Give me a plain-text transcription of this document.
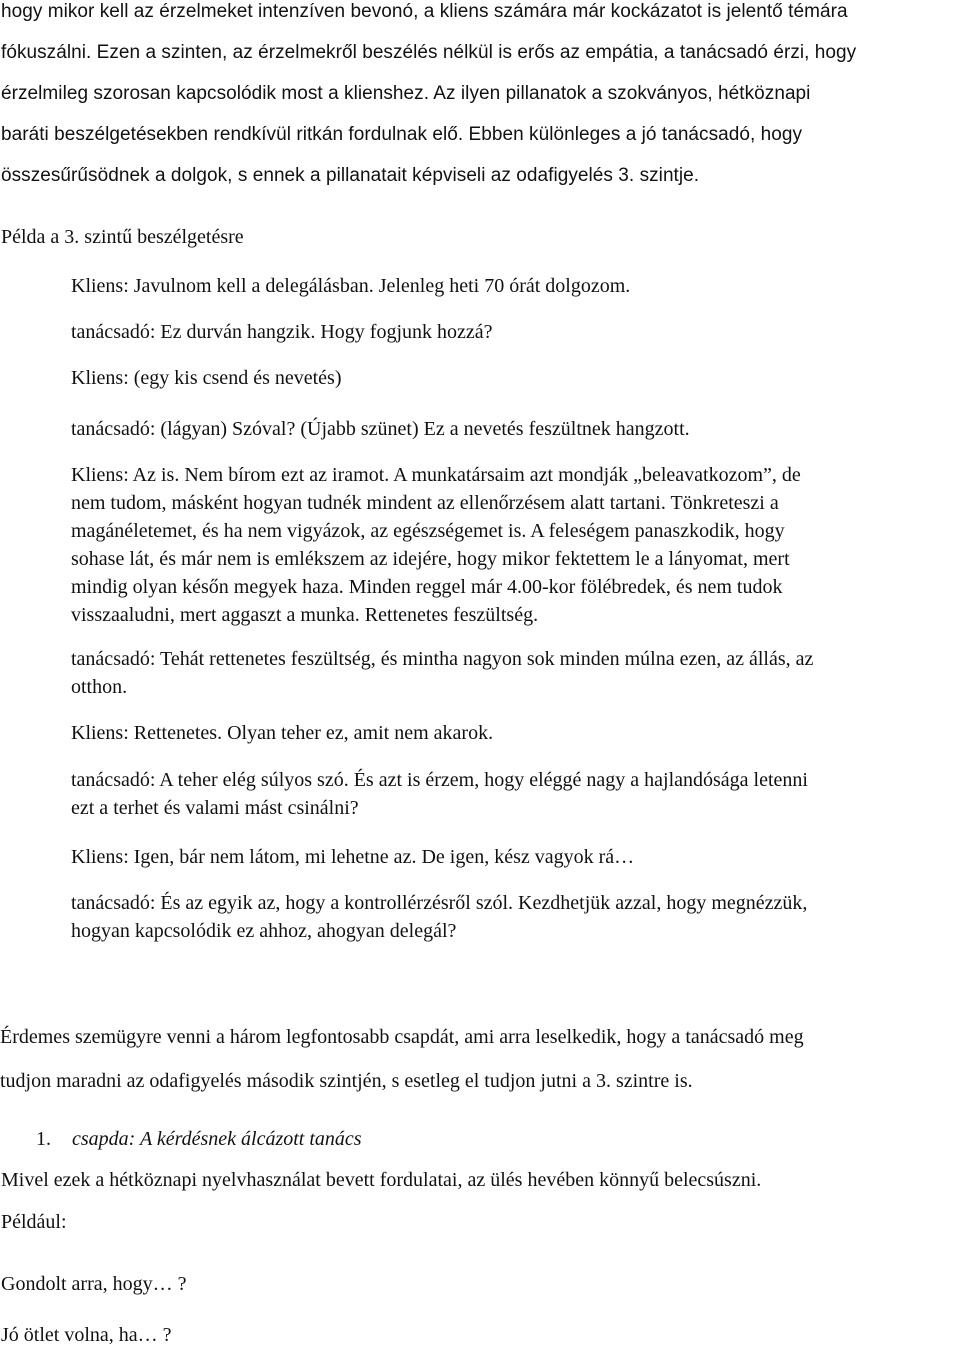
hogy mikor kell az érzelmeket intenzíven bevonó, a kliens számára már kockázatot is jelentő témára
fókuszálni. Ezen a szinten, az érzelmekről beszélés nélkül is erős az empátia, a tanácsadó érzi, hogy
érzelmileg szorosan kapcsolódik most a klienshez. Az ilyen pillanatok a szokványos, hétköznapi
baráti beszélgetésekben rendkívül ritkán fordulnak elő. Ebben különleges a jó tanácsadó, hogy
összesűrűsödnek a dolgok, s ennek a pillanatait képviseli az odafigyelés 3. szintje.
Példa a 3. szintű beszélgetésre

Kliens: Javulnom kell a delegálásban. Jelenleg heti 70 órát dolgozom.

tanácsadó: Ez durván hangzik. Hogy fogjunk hozzá?

Kliens: (egy kis csend és nevetés)

tanácsadó: (lágyan) Szóval? (Újabb szünet) Ez a nevetés feszültnek hangzott.

Kliens: Az is. Nem bírom ezt az iramot. A munkatársaim azt mondják „beleavatkozom”, de

nem tudom, másként hogyan tudnék mindent az ellenőrzésem alatt tartani. Tönkreteszi a

magánéletemet, és ha nem vigyázok, az egészségemet is. A feleségem panaszkodik, hogy

sohase lát, és már nem is emlékszem az idejére, hogy mikor fektettem le a lányomat, mert

mindig olyan későn megyek haza. Minden reggel már 4.00-kor fölébredek, és nem tudok

visszaaludni, mert aggaszt a munka. Rettenetes feszültség.

tanácsadó: Tehát rettenetes feszültség, és mintha nagyon sok minden múlna ezen, az állás, az

otthon.

Kliens: Rettenetes. Olyan teher ez, amit nem akarok.

tanácsadó: A teher elég súlyos szó. És azt is érzem, hogy eléggé nagy a hajlandósága letenni

ezt a terhet és valami mást csinálni?

Kliens: Igen, bár nem látom, mi lehetne az. De igen, kész vagyok rá…

tanácsadó: És az egyik az, hogy a kontrollérzésről szól. Kezdhetjük azzal, hogy megnézzük,

hogyan kapcsolódik ez ahhoz, ahogyan delegál?

Érdemes szemügyre venni a három legfontosabb csapdát, ami arra leselkedik, hogy a tanácsadó meg
tudjon maradni az odafigyelés második szintjén, s esetleg el tudjon jutni a 3. szintre is.
1. csapda: A kérdésnek álcázott tanács
Mivel ezek a hétköznapi nyelvhasználat bevett fordulatai, az ülés hevében könnyű belecsúszni.
Például:
Gondolt arra, hogy… ?
Jó ötlet volna, ha… ?
